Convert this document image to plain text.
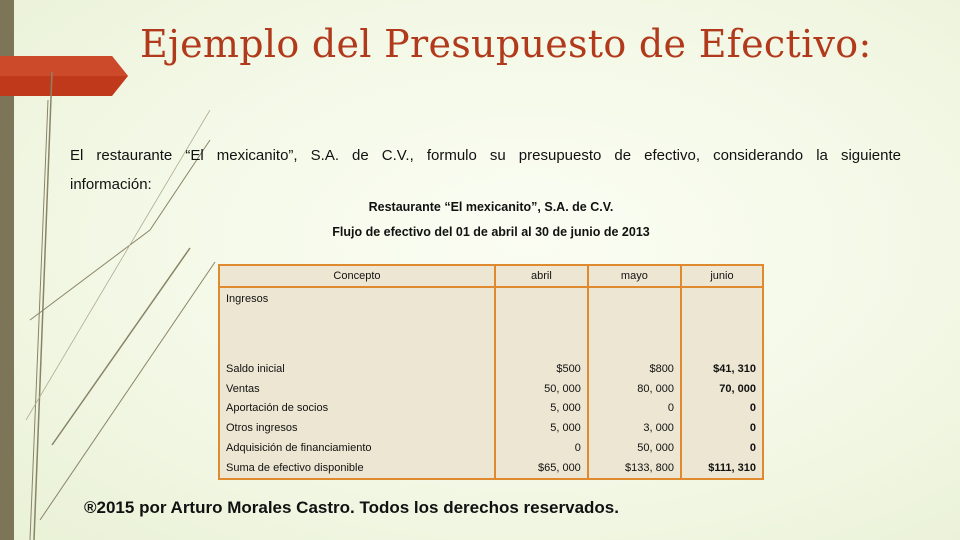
Ejemplo del Presupuesto de Efectivo:
El restaurante “El mexicanito”, S.A. de C.V., formulo su presupuesto de efectivo, considerando la siguiente
información:
Restaurante “El mexicanito”, S.A. de C.V.
Flujo de efectivo del 01 de abril al 30 de junio de 2013
Concepto	abril	mayo	junio
Ingresos			
Saldo inicial	$500	$800	$41, 310
Ventas	50, 000	80, 000	70, 000
Aportación de socios	5, 000	0	0
Otros ingresos	5, 000	3, 000	0
Adquisición de financiamiento	0	50, 000	0
Suma de efectivo disponible	$65, 000	$133, 800	$111, 310
®2015 por Arturo Morales Castro. Todos los derechos reservados.
